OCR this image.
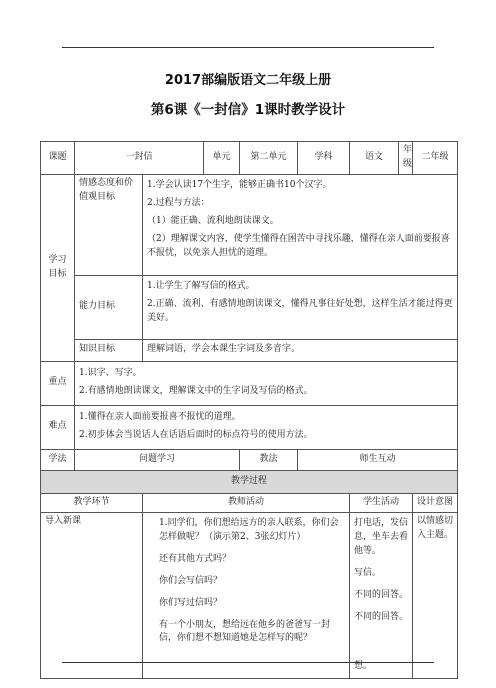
2017部编版语文二年级上册
第6课《一封信》1课时教学设计
课题	一封信		单元	第二单元	学科	语文	年级	二年级
学习目标	情感态度和价值观目标	1.学会认读17个生字，能够正确书10个汉字。
2.过程与方法：
（1）能正确、流利地朗读课文。
（2）理解课文内容，使学生懂得在困苦中寻找乐趣，懂得在亲人面前要报喜不报忧，以免亲人担忧的道理。						

	能力目标	1.让学生了解写信的格式。
2.正确、流利、有感情地朗读课文，懂得凡事往好处想，这样生活才能过得更美好。						

	知识目标	理解词语，学会本课生字词及多音字。						
重点	1.识字、写字。
2.有感情地朗读课文，理解课文中的生字词及写信的格式。							

难点	1.懂得在亲人面前要报喜不报忧的道理。
2.初步体会当说话人在话语后面时的标点符号的使用方法。							

学法	问题学习			教法	师生互动			
教学过程								
教学环节		教师活动				学生活动		设计意图
导入新课		1.同学们，你们想给远方的亲人联系，你们会怎样做呢？（演示第2、3张幻灯片）
还有其他方式吗？
你们会写信吗？
你们写过信吗？
有一个小朋友，想给远在他乡的爸爸写一封信，你们想不想知道她是怎样写的呢？				打电话，发信息，坐车去看他等。
写信。
不同的回答。
不同的回答。
想。		以情感切入主题。
